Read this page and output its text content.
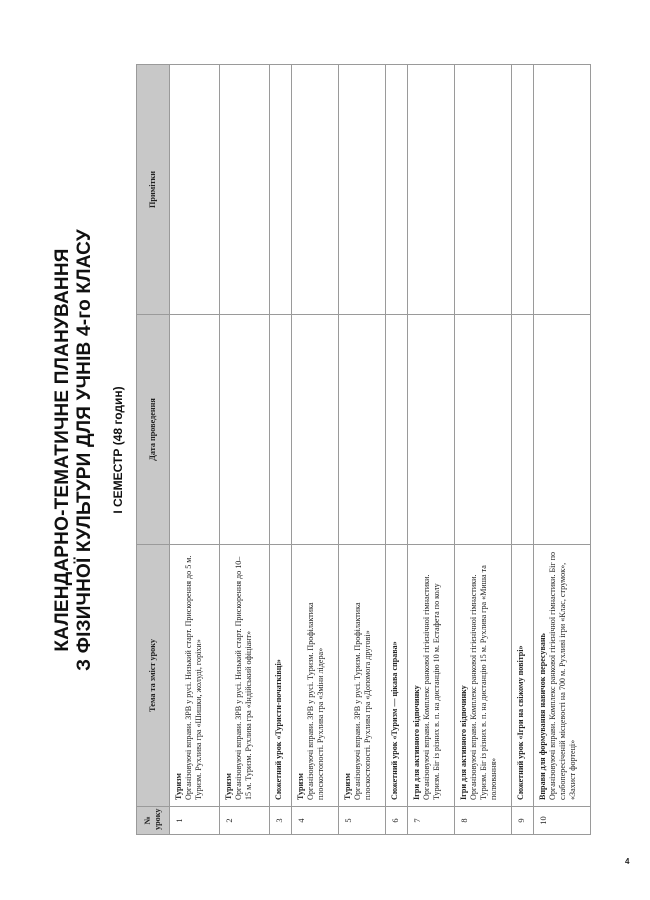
КАЛЕНДАРНО-ТЕМАТИЧНЕ ПЛАНУВАННЯ З ФІЗИЧНОЇ КУЛЬТУРИ ДЛЯ УЧНІВ 4-го КЛАСУ І СЕМЕСТР (48 годин)
№ уроку	Тема та зміст уроку	Дата проведення	Примітки
1	Туризм Організовуючі вправи. ЗРВ у русі. Низький старт. Прискорення до 5 м. Туризм. Рухлива гра «Шишки, жолуді, горіхи»		
2	Туризм Організовуючі вправи. ЗРВ у русі. Низький старт. Прискорення до 10–15 м. Туризм. Рухлива гра «Індійський офіціант»		
3	Сюжетний урок «Туристи-початківці»		
4	Туризм Організовуючі вправи. ЗРВ у русі. Туризм. Профілактика плоскостопості. Рухлива гра «Зміни лідера»		
5	Туризм Організовуючі вправи. ЗРВ у русі. Туризм. Профілактика плоскостопості. Рухлива гра «Допомога другові»		
6	Сюжетний урок «Туризм — цікава справа»		
7	Ігри для активного відпочинку Організовуючі вправи. Комплекс ранкової гігієнічної гімнастики. Туризм. Біг із різних в. п. на дистанцію 10 м. Естафета по колу		
8	Ігри для активного відпочинку Організовуючі вправи. Комплекс ранкової гігієнічної гімнастики. Туризм. Біг із різних в. п. на дистанцію 15 м. Рухлива гра «Миша та полювання»		
9	Сюжетний урок «Ігри на свіжому повітрі»		
10	Вправи для формування навичок пересувань Організовуючі вправи. Комплекс ранкової гігієнічної гімнастики. Біг по слабопересіченій місцевості на 700 м. Рухливі ігри «Клас, струмок», «Захист фортеці»		
4
